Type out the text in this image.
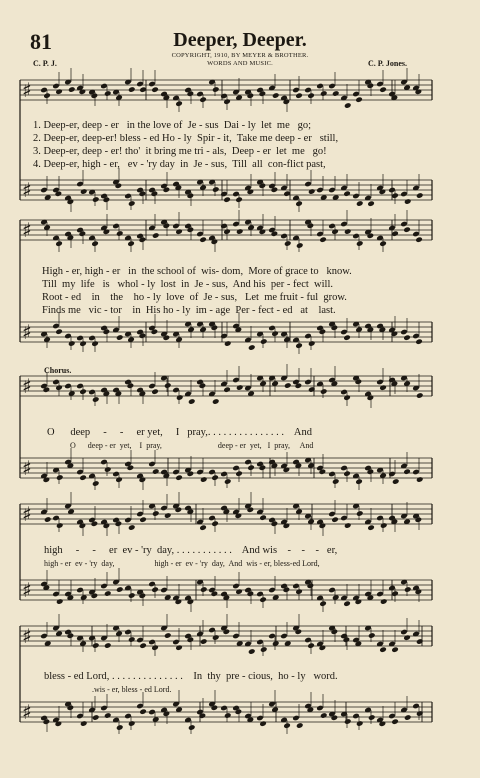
81	Deeper, Deeper.
COPYRIGHT, 1910, BY MEYER & BROTHER.
WORDS AND MUSIC.
C. P. J.	C. P. Jones.
♯
♯
♯
♯
♯
♯
♯
♯
♯
♯
1. Deep-er, deep - er   in the love of  Je - sus  Dai - ly  let  me   go;
2. Deep-er, deep-er! bless - ed Ho - ly  Spir - it,  Take me deep - er   still,
3. Deep-er, deep - er! tho'  it bring me tri - als,  Deep - er  let  me   go!
4. Deep-er, high - er,   ev - 'ry day  in  Je - sus,  Till  all  con-flict past,
High - er, high - er   in  the school of  wis- dom,  More of grace to   know.
Till  my  life   is   whol - ly  lost  in  Je - sus,  And his  per - fect  will.
Root - ed    in    the    ho - ly  love  of  Je - sus,   Let  me fruit - ful  grow.
Finds me   vic - tor    in  His ho - ly  im - age  Per - fect - ed   at    last.
Chorus.
O      deep     -     -     er yet,     I   pray,. . . . . . . . . . . . . . .    And
O      deep - er  yet,    I  pray,                            deep - er  yet,   I  pray,     And
high     -     -     er  ev - 'ry  day, . . . . . . . . . . .    And wis    -    -    -   er,
high - er  ev - 'ry  day,                    high - er  ev - 'ry  day,  And  wis - er, bless-ed Lord,
bless - ed Lord, . . . . . . . . . . . . . .    In  thy  pre - cious,  ho - ly   word.
.wis - er, bless - ed Lord.
